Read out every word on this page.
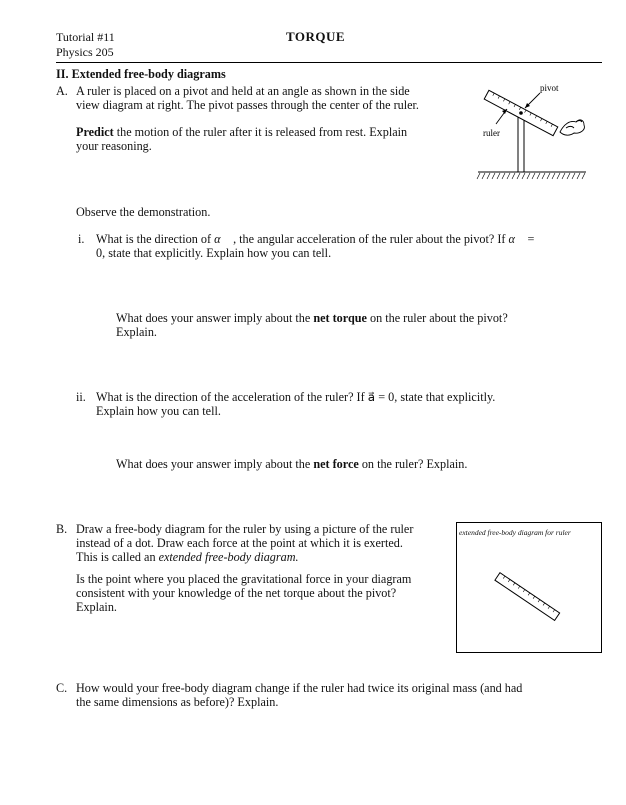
Tutorial #11
Physics 205
TORQUE
II. Extended free-body diagrams
A. A ruler is placed on a pivot and held at an angle as shown in the side
view diagram at right. The pivot passes through the center of the ruler.
Predict the motion of the ruler after it is released from rest. Explain
your reasoning.
pivot
ruler
Observe the demonstration.
i. What is the direction of α⃗ , the angular acceleration of the ruler about the pivot? If α⃗ =
0, state that explicitly. Explain how you can tell.
What does your answer imply about the net torque on the ruler about the pivot?
Explain.
ii. What is the direction of the acceleration of the ruler? If a⃗ = 0, state that explicitly.
Explain how you can tell.
What does your answer imply about the net force on the ruler? Explain.
B. Draw a free-body diagram for the ruler by using a picture of the ruler
instead of a dot. Draw each force at the point at which it is exerted.
This is called an extended free-body diagram.
Is the point where you placed the gravitational force in your diagram
consistent with your knowledge of the net torque about the pivot?
Explain.
extended free-body diagram for ruler
C. How would your free-body diagram change if the ruler had twice its original mass (and had
the same dimensions as before)? Explain.
